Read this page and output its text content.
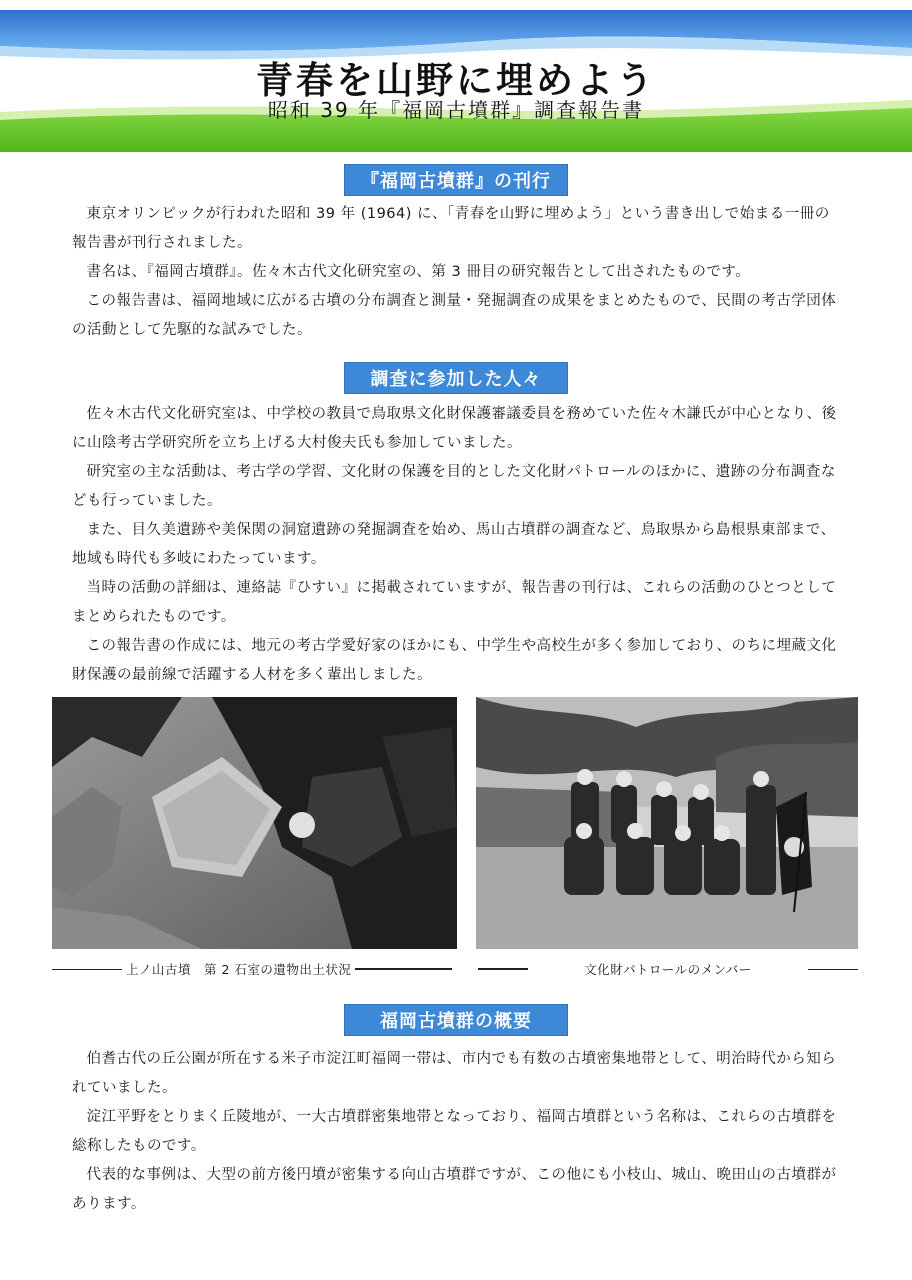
青春を山野に埋めよう
昭和 39 年『福岡古墳群』調査報告書
『福岡古墳群』の刊行

東京オリンピックが行われた昭和 39 年 (1964) に、「青春を山野に埋めよう」という書き出しで始まる一冊の報告書が刊行されました。

書名は、『福岡古墳群』。佐々木古代文化研究室の、第 3 冊目の研究報告として出されたものです。

この報告書は、福岡地域に広がる古墳の分布調査と測量・発掘調査の成果をまとめたもので、民間の考古学団体の活動として先駆的な試みでした。

調査に参加した人々

佐々木古代文化研究室は、中学校の教員で鳥取県文化財保護審議委員を務めていた佐々木謙氏が中心となり、後に山陰考古学研究所を立ち上げる大村俊夫氏も参加していました。

研究室の主な活動は、考古学の学習、文化財の保護を目的とした文化財パトロールのほかに、遺跡の分布調査なども行っていました。

また、目久美遺跡や美保関の洞窟遺跡の発掘調査を始め、馬山古墳群の調査など、鳥取県から島根県東部まで、地域も時代も多岐にわたっています。

当時の活動の詳細は、連絡誌『ひすい』に掲載されていますが、報告書の刊行は、これらの活動のひとつとしてまとめられたものです。

この報告書の作成には、地元の考古学愛好家のほかにも、中学生や高校生が多く参加しており、のちに埋蔵文化財保護の最前線で活躍する人材を多く輩出しました。

上ノ山古墳　第 2 石室の遺物出土状況	文化財パトロールのメンバー
福岡古墳群の概要

伯耆古代の丘公園が所在する米子市淀江町福岡一帯は、市内でも有数の古墳密集地帯として、明治時代から知られていました。

淀江平野をとりまく丘陵地が、一大古墳群密集地帯となっており、福岡古墳群という名称は、これらの古墳群を総称したものです。

代表的な事例は、大型の前方後円墳が密集する向山古墳群ですが、この他にも小枝山、城山、晩田山の古墳群があります。
